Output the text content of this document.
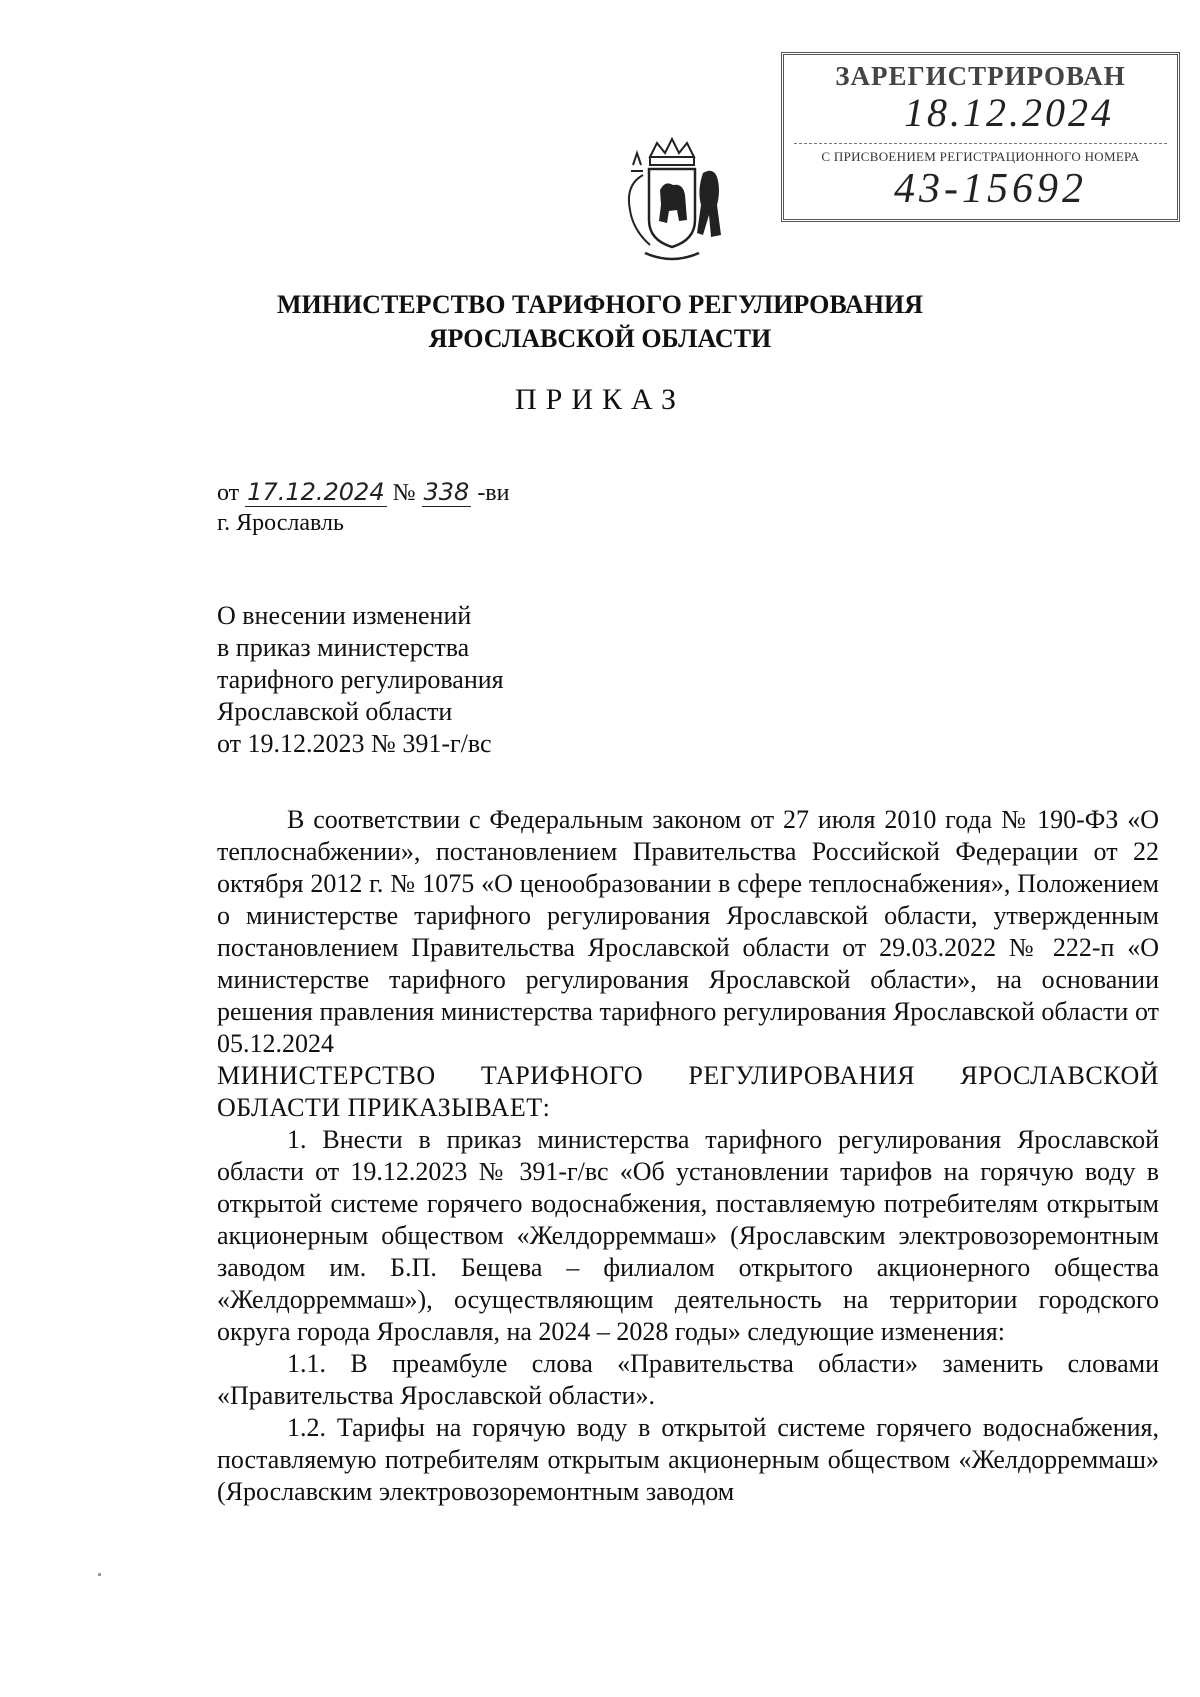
ЗАРЕГИСТРИРОВАН
18.12.2024
С ПРИСВОЕНИЕМ РЕГИСТРАЦИОННОГО НОМЕРА
43-15692
МИНИСТЕРСТВО ТАРИФНОГО РЕГУЛИРОВАНИЯ
ЯРОСЛАВСКОЙ ОБЛАСТИ
ПРИКАЗ
от 17.12.2024 № 338 -ви
г. Ярославль
О внесении изменений
в приказ министерства
тарифного регулирования
Ярославской области
от 19.12.2023 № 391-г/вс

В соответствии с Федеральным законом от 27 июля 2010 года № 190-ФЗ «О теплоснабжении», постановлением Правительства Российской Федерации от 22 октября 2012 г. № 1075 «О ценообразовании в сфере теплоснабжения», Положением о министерстве тарифного регулирования Ярославской области, утвержденным постановлением Правительства Ярославской области от 29.03.2022 № 222-п «О министерстве тарифного регулирования Ярославской области», на основании решения правления министерства тарифного регулирования Ярославской области от 05.12.2024

МИНИСТЕРСТВО ТАРИФНОГО РЕГУЛИРОВАНИЯ ЯРОСЛАВСКОЙ ОБЛАСТИ ПРИКАЗЫВАЕТ:

1. Внести в приказ министерства тарифного регулирования Ярославской области от 19.12.2023 № 391-г/вс «Об установлении тарифов на горячую воду в открытой системе горячего водоснабжения, поставляемую потребителям открытым акционерным обществом «Желдорреммаш» (Ярославским электровозоремонтным заводом им. Б.П. Бещева – филиалом открытого акционерного общества «Желдорреммаш»), осуществляющим деятельность на территории городского округа города Ярославля, на 2024 – 2028 годы» следующие изменения:

1.1. В преамбуле слова «Правительства области» заменить словами «Правительства Ярославской области».

1.2. Тарифы на горячую воду в открытой системе горячего водоснабжения, поставляемую потребителям открытым акционерным обществом «Желдорреммаш» (Ярославским электровозоремонтным заводом
